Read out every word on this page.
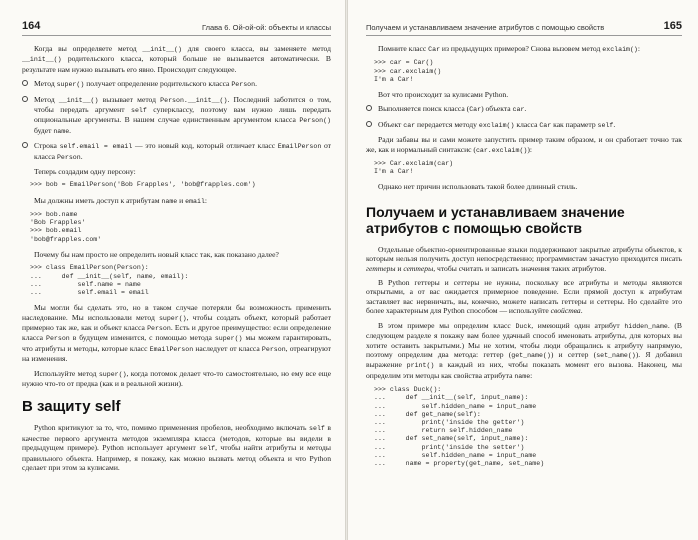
164	Глава 6. Ой-ой-ой: объекты и классы

Когда вы определяете метод __init__() для своего класса, вы заменяете метод __init__() родительского класса, который больше не вызывается автоматически. В результате нам нужно вызывать его явно. Происходит следующее.

Метод super() получает определение родительского класса Person.
Метод __init__() вызывает метод Person.__init__(). Последний заботится о том, чтобы передать аргумент self суперклассу, поэтому вам нужно лишь передать опциональные аргументы. В нашем случае единственным аргументом класса Person() будет name.
Строка self.email = email — это новый код, который отличает класс EmailPerson от класса Person.

Теперь создадим одну персону:

>>> bob = EmailPerson('Bob Frapples', 'bob@frapples.com')

Мы должны иметь доступ к атрибутам name и email:

>>> bob.name
'Bob Frapples'
>>> bob.email
'bob@frapples.com'

Почему бы нам просто не определить новый класс так, как показано далее?

>>> class EmailPerson(Person):
...     def __init__(self, name, email):
...         self.name = name
...         self.email = email

Мы могли бы сделать это, но в таком случае потеряли бы возможность применить наследование. Мы использовали метод super(), чтобы создать объект, который работает примерно так же, как и объект класса Person. Есть и другое преимущество: если определение класса Person в будущем изменится, с помощью метода super() мы можем гарантировать, что атрибуты и методы, которые класс EmailPerson наследует от класса Person, отреагируют на изменения.

Используйте метод super(), когда потомок делает что-то самостоятельно, но ему все еще нужно что-то от предка (как и в реальной жизни).

В защиту self

Python критикуют за то, что, помимо применения пробелов, необходимо включать self в качестве первого аргумента методов экземпляра класса (методов, которые вы видели в предыдущем примере). Python использует аргумент self, чтобы найти атрибуты и методы правильного объекта. Например, я покажу, как можно вызвать метод объекта и что Python сделает при этом за кулисами.

Получаем и устанавливаем значение атрибутов с помощью свойств	165

Помните класс Car из предыдущих примеров? Снова вызовем метод exclaim():

>>> car = Car()
>>> car.exclaim()
I'm a Car!

Вот что происходит за кулисами Python.

Выполняется поиск класса (Car) объекта car.
Объект car передается методу exclaim() класса Car как параметр self.

Ради забавы вы и сами можете запустить пример таким образом, и он сработает точно так же, как и нормальный синтаксис (car.exclaim()):

>>> Car.exclaim(car)
I'm a Car!

Однако нет причин использовать такой более длинный стиль.

Получаем и устанавливаем значение атрибутов с помощью свойств

Отдельные объектно-ориентированные языки поддерживают закрытые атрибуты объектов, к которым нельзя получить доступ непосредственно; программистам зачастую приходится писать геттеры и сеттеры, чтобы считать и записать значения таких атрибутов.

В Python геттеры и сеттеры не нужны, поскольку все атрибуты и методы являются открытыми, а от вас ожидается примерное поведение. Если прямой доступ к атрибутам заставляет вас нервничать, вы, конечно, можете написать геттеры и сеттеры. Но сделайте это более характерным для Python способом — используйте свойства.

В этом примере мы определим класс Duck, имеющий один атрибут hidden_name. (В следующем разделе я покажу вам более удачный способ именовать атрибуты, для которых вы хотите оставить закрытыми.) Мы не хотим, чтобы люди обращались к атрибуту напрямую, поэтому определим два метода: геттер (get_name()) и сеттер (set_name()). Я добавил выражение print() в каждый из них, чтобы показать момент его вызова. Наконец, мы определим эти методы как свойства атрибута name:

>>> class Duck():
...     def __init__(self, input_name):
...         self.hidden_name = input_name
...     def get_name(self):
...         print('inside the getter')
...         return self.hidden_name
...     def set_name(self, input_name):
...         print('inside the setter')
...         self.hidden_name = input_name
...     name = property(get_name, set_name)
